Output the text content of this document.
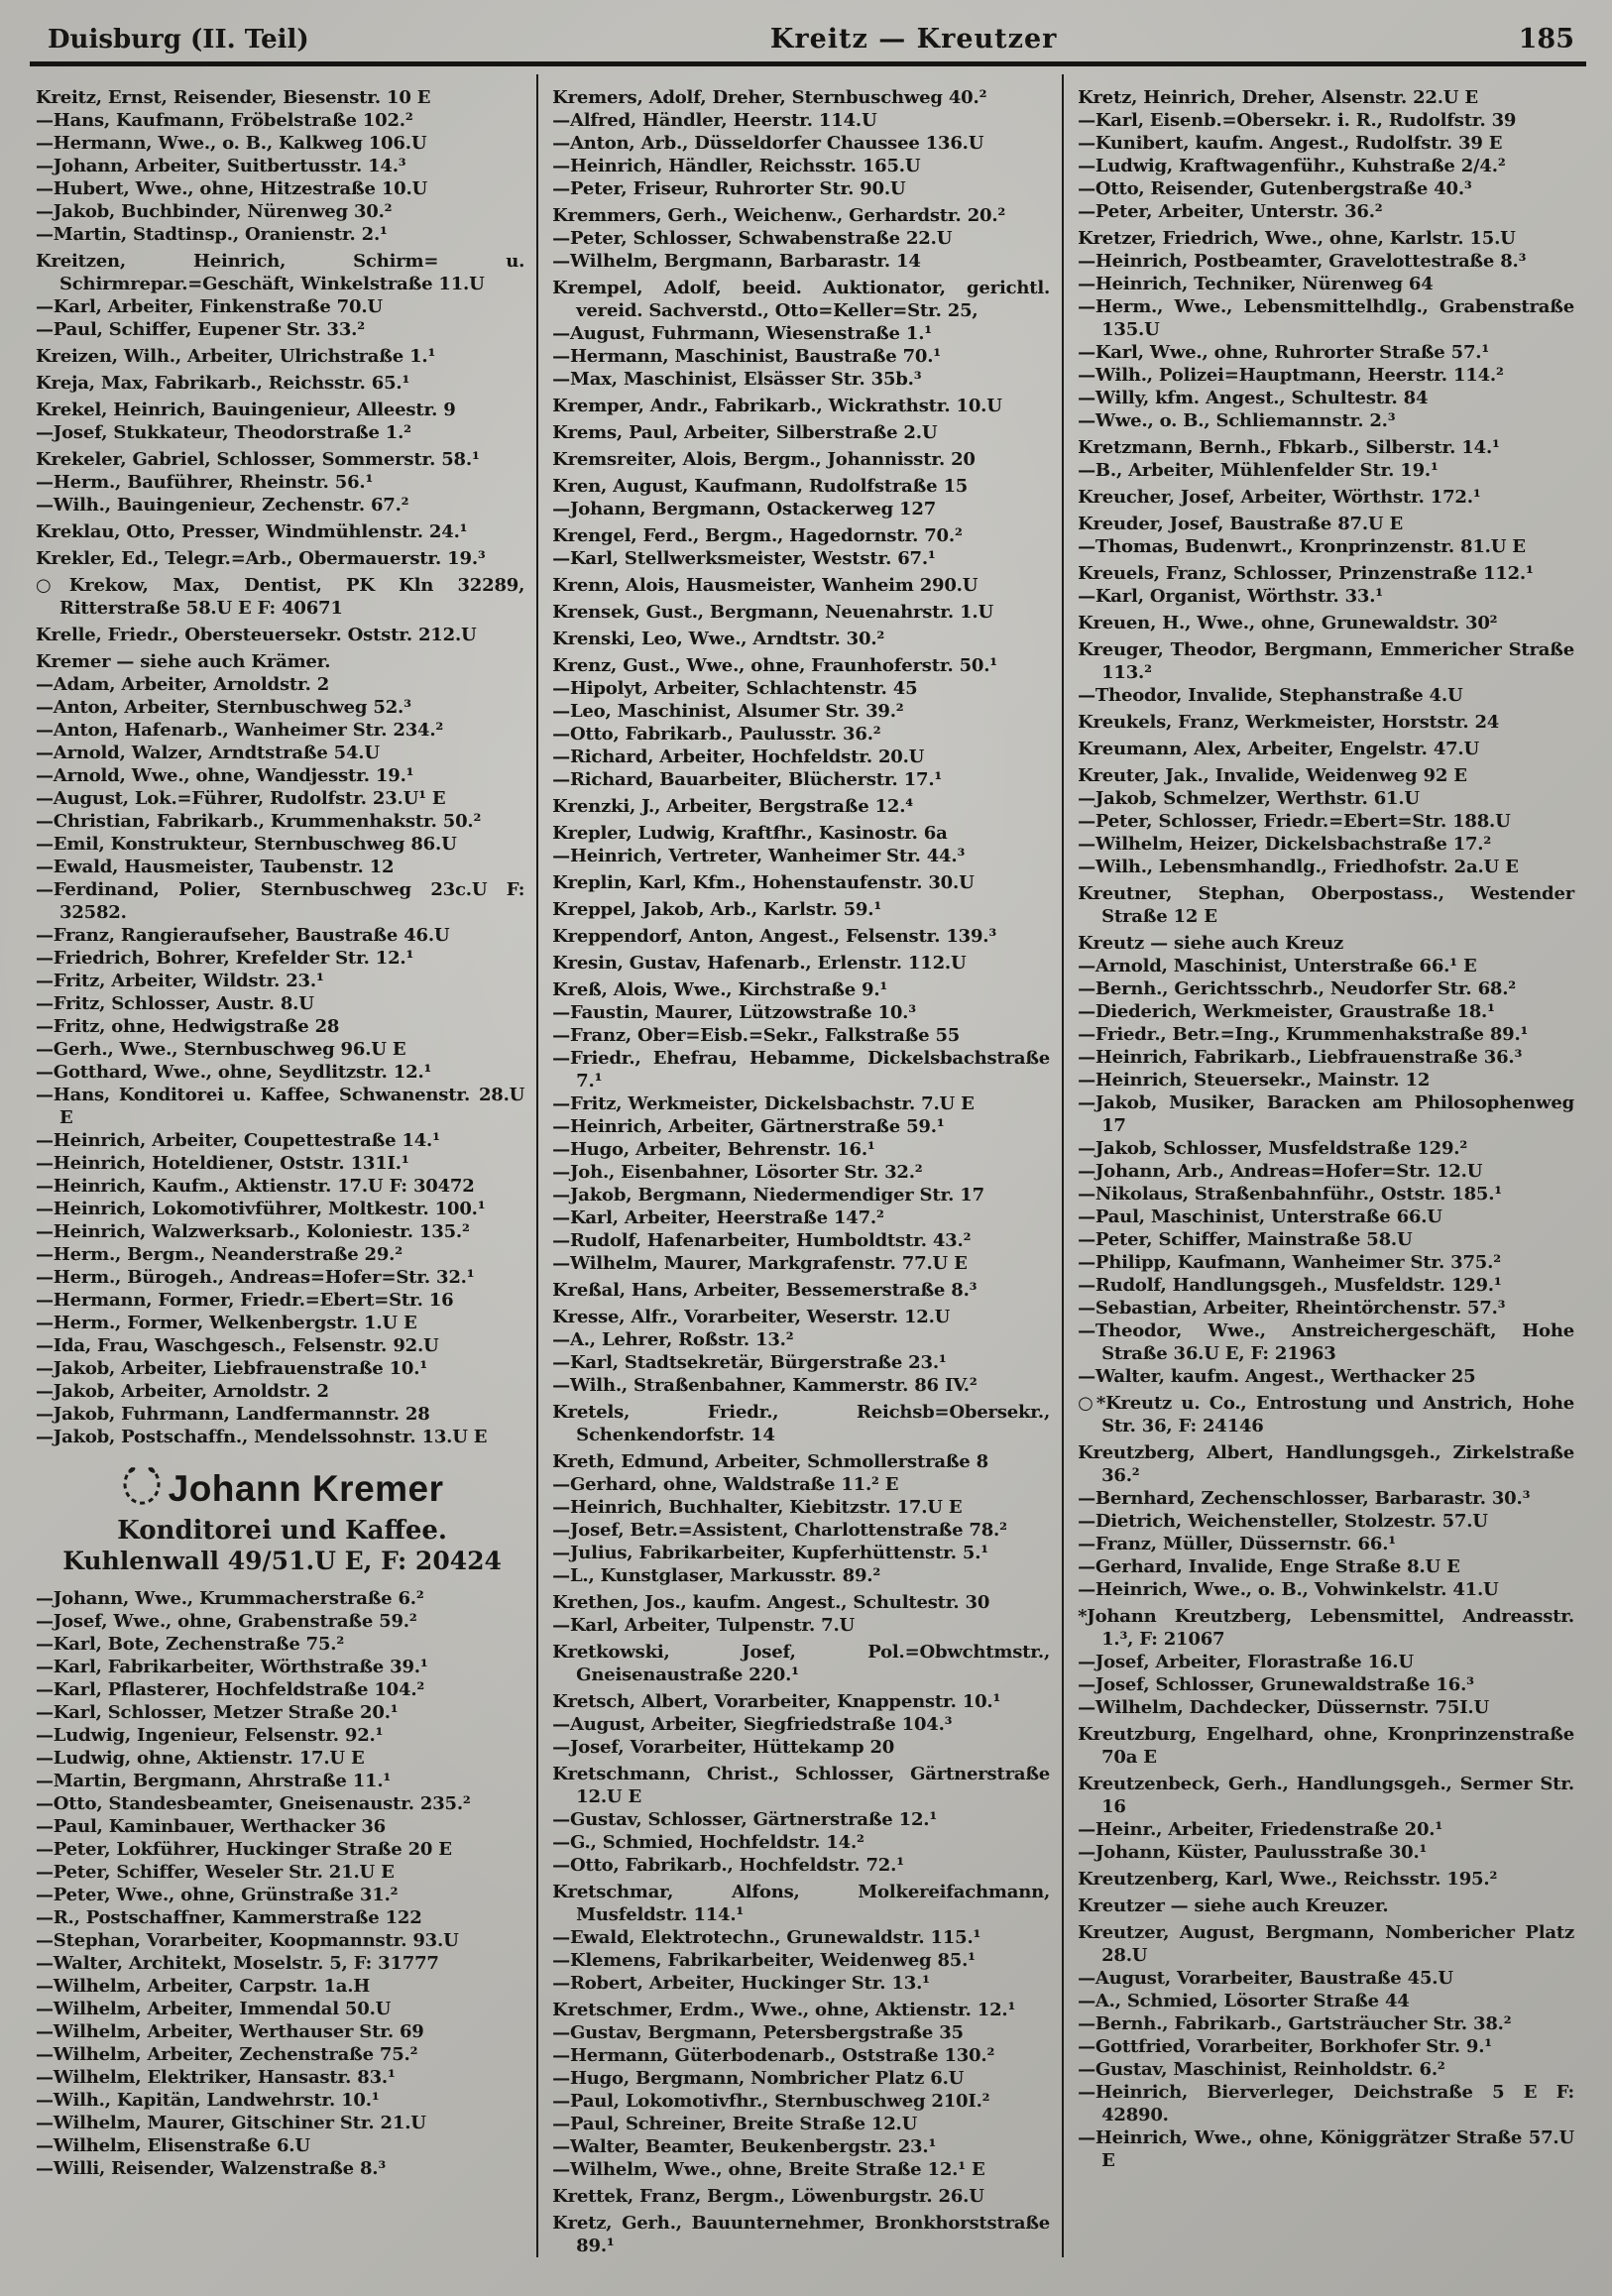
Duisburg (II. Teil)	Kreitz — Kreutzer	185
Kreitz, Ernst, Reisender, Biesenstr. 10 E
—Hans, Kaufmann, Fröbelstraße 102.²
—Hermann, Wwe., o. B., Kalkweg 106.U
—Johann, Arbeiter, Suitbertusstr. 14.³
—Hubert, Wwe., ohne, Hitzestraße 10.U
—Jakob, Buchbinder, Nürenweg 30.²
—Martin, Stadtinsp., Oranienstr. 2.¹
Kreitzen, Heinrich, Schirm= u. Schirmrepar.=Geschäft, Winkelstraße 11.U
—Karl, Arbeiter, Finkenstraße 70.U
—Paul, Schiffer, Eupener Str. 33.²
Kreizen, Wilh., Arbeiter, Ulrichstraße 1.¹
Kreja, Max, Fabrikarb., Reichsstr. 65.¹
Krekel, Heinrich, Bauingenieur, Alleestr. 9
—Josef, Stukkateur, Theodorstraße 1.²
Krekeler, Gabriel, Schlosser, Sommerstr. 58.¹
—Herm., Bauführer, Rheinstr. 56.¹
—Wilh., Bauingenieur, Zechenstr. 67.²
Kreklau, Otto, Presser, Windmühlenstr. 24.¹
Krekler, Ed., Telegr.=Arb., Obermauerstr. 19.³
○Krekow, Max, Dentist, PK Kln 32289, Ritterstraße 58.U E F: 40671
Krelle, Friedr., Obersteuersekr. Oststr. 212.U
Kremer — siehe auch Krämer.
—Adam, Arbeiter, Arnoldstr. 2
—Anton, Arbeiter, Sternbuschweg 52.³
—Anton, Hafenarb., Wanheimer Str. 234.²
—Arnold, Walzer, Arndtstraße 54.U
—Arnold, Wwe., ohne, Wandjesstr. 19.¹
—August, Lok.=Führer, Rudolfstr. 23.U¹ E
—Christian, Fabrikarb., Krummenhakstr. 50.²
—Emil, Konstrukteur, Sternbuschweg 86.U
—Ewald, Hausmeister, Taubenstr. 12
—Ferdinand, Polier, Sternbuschweg 23c.U F: 32582.
—Franz, Rangieraufseher, Baustraße 46.U
—Friedrich, Bohrer, Krefelder Str. 12.¹
—Fritz, Arbeiter, Wildstr. 23.¹
—Fritz, Schlosser, Austr. 8.U
—Fritz, ohne, Hedwigstraße 28
—Gerh., Wwe., Sternbuschweg 96.U E
—Gotthard, Wwe., ohne, Seydlitzstr. 12.¹
—Hans, Konditorei u. Kaffee, Schwanenstr. 28.U E
—Heinrich, Arbeiter, Coupettestraße 14.¹
—Heinrich, Hoteldiener, Oststr. 131I.¹
—Heinrich, Kaufm., Aktienstr. 17.U F: 30472
—Heinrich, Lokomotivführer, Moltkestr. 100.¹
—Heinrich, Walzwerksarb., Koloniestr. 135.²
—Herm., Bergm., Neanderstraße 29.²
—Herm., Bürogeh., Andreas=Hofer=Str. 32.¹
—Hermann, Former, Friedr.=Ebert=Str. 16
—Herm., Former, Welkenbergstr. 1.U E
—Ida, Frau, Waschgesch., Felsenstr. 92.U
—Jakob, Arbeiter, Liebfrauenstraße 10.¹
—Jakob, Arbeiter, Arnoldstr. 2
—Jakob, Fuhrmann, Landfermannstr. 28
—Jakob, Postschaffn., Mendelssohnstr. 13.U E
Johann Kremer
Konditorei und Kaffee.
Kuhlenwall 49/51.U E, F: 20424
—Johann, Wwe., Krummacherstraße 6.²
—Josef, Wwe., ohne, Grabenstraße 59.²
—Karl, Bote, Zechenstraße 75.²
—Karl, Fabrikarbeiter, Wörthstraße 39.¹
—Karl, Pflasterer, Hochfeldstraße 104.²
—Karl, Schlosser, Metzer Straße 20.¹
—Ludwig, Ingenieur, Felsenstr. 92.¹
—Ludwig, ohne, Aktienstr. 17.U E
—Martin, Bergmann, Ahrstraße 11.¹
—Otto, Standesbeamter, Gneisenaustr. 235.²
—Paul, Kaminbauer, Werthacker 36
—Peter, Lokführer, Huckinger Straße 20 E
—Peter, Schiffer, Weseler Str. 21.U E
—Peter, Wwe., ohne, Grünstraße 31.²
—R., Postschaffner, Kammerstraße 122
—Stephan, Vorarbeiter, Koopmannstr. 93.U
—Walter, Architekt, Moselstr. 5, F: 31777
—Wilhelm, Arbeiter, Carpstr. 1a.H
—Wilhelm, Arbeiter, Immendal 50.U
—Wilhelm, Arbeiter, Werthauser Str. 69
—Wilhelm, Arbeiter, Zechenstraße 75.²
—Wilhelm, Elektriker, Hansastr. 83.¹
—Wilh., Kapitän, Landwehrstr. 10.¹
—Wilhelm, Maurer, Gitschiner Str. 21.U
—Wilhelm, Elisenstraße 6.U
—Willi, Reisender, Walzenstraße 8.³
Kremers, Adolf, Dreher, Sternbuschweg 40.²
—Alfred, Händler, Heerstr. 114.U
—Anton, Arb., Düsseldorfer Chaussee 136.U
—Heinrich, Händler, Reichsstr. 165.U
—Peter, Friseur, Ruhrorter Str. 90.U
Kremmers, Gerh., Weichenw., Gerhardstr. 20.²
—Peter, Schlosser, Schwabenstraße 22.U
—Wilhelm, Bergmann, Barbarastr. 14
Krempel, Adolf, beeid. Auktionator, gerichtl. vereid. Sachverstd., Otto=Keller=Str. 25,
—August, Fuhrmann, Wiesenstraße 1.¹
—Hermann, Maschinist, Baustraße 70.¹
—Max, Maschinist, Elsässer Str. 35b.³
Kremper, Andr., Fabrikarb., Wickrathstr. 10.U
Krems, Paul, Arbeiter, Silberstraße 2.U
Kremsreiter, Alois, Bergm., Johannisstr. 20
Kren, August, Kaufmann, Rudolfstraße 15
—Johann, Bergmann, Ostackerweg 127
Krengel, Ferd., Bergm., Hagedornstr. 70.²
—Karl, Stellwerksmeister, Weststr. 67.¹
Krenn, Alois, Hausmeister, Wanheim 290.U
Krensek, Gust., Bergmann, Neuenahrstr. 1.U
Krenski, Leo, Wwe., Arndtstr. 30.²
Krenz, Gust., Wwe., ohne, Fraunhoferstr. 50.¹
—Hipolyt, Arbeiter, Schlachtenstr. 45
—Leo, Maschinist, Alsumer Str. 39.²
—Otto, Fabrikarb., Paulusstr. 36.²
—Richard, Arbeiter, Hochfeldstr. 20.U
—Richard, Bauarbeiter, Blücherstr. 17.¹
Krenzki, J., Arbeiter, Bergstraße 12.⁴
Krepler, Ludwig, Kraftfhr., Kasinostr. 6a
—Heinrich, Vertreter, Wanheimer Str. 44.³
Kreplin, Karl, Kfm., Hohenstaufenstr. 30.U
Kreppel, Jakob, Arb., Karlstr. 59.¹
Kreppendorf, Anton, Angest., Felsenstr. 139.³
Kresin, Gustav, Hafenarb., Erlenstr. 112.U
Kreß, Alois, Wwe., Kirchstraße 9.¹
—Faustin, Maurer, Lützowstraße 10.³
—Franz, Ober=Eisb.=Sekr., Falkstraße 55
—Friedr., Ehefrau, Hebamme, Dickelsbachstraße 7.¹
—Fritz, Werkmeister, Dickelsbachstr. 7.U E
—Heinrich, Arbeiter, Gärtnerstraße 59.¹
—Hugo, Arbeiter, Behrenstr. 16.¹
—Joh., Eisenbahner, Lösorter Str. 32.²
—Jakob, Bergmann, Niedermendiger Str. 17
—Karl, Arbeiter, Heerstraße 147.²
—Rudolf, Hafenarbeiter, Humboldtstr. 43.²
—Wilhelm, Maurer, Markgrafenstr. 77.U E
Kreßal, Hans, Arbeiter, Bessemerstraße 8.³
Kresse, Alfr., Vorarbeiter, Weserstr. 12.U
—A., Lehrer, Roßstr. 13.²
—Karl, Stadtsekretär, Bürgerstraße 23.¹
—Wilh., Straßenbahner, Kammerstr. 86 IV.²
Kretels, Friedr., Reichsb=Obersekr., Schenkendorfstr. 14
Kreth, Edmund, Arbeiter, Schmollerstraße 8
—Gerhard, ohne, Waldstraße 11.² E
—Heinrich, Buchhalter, Kiebitzstr. 17.U E
—Josef, Betr.=Assistent, Charlottenstraße 78.²
—Julius, Fabrikarbeiter, Kupferhüttenstr. 5.¹
—L., Kunstglaser, Markusstr. 89.²
Krethen, Jos., kaufm. Angest., Schultestr. 30
—Karl, Arbeiter, Tulpenstr. 7.U
Kretkowski, Josef, Pol.=Obwchtmstr., Gneisenaustraße 220.¹
Kretsch, Albert, Vorarbeiter, Knappenstr. 10.¹
—August, Arbeiter, Siegfriedstraße 104.³
—Josef, Vorarbeiter, Hüttekamp 20
Kretschmann, Christ., Schlosser, Gärtnerstraße 12.U E
—Gustav, Schlosser, Gärtnerstraße 12.¹
—G., Schmied, Hochfeldstr. 14.²
—Otto, Fabrikarb., Hochfeldstr. 72.¹
Kretschmar, Alfons, Molkereifachmann, Musfeldstr. 114.¹
—Ewald, Elektrotechn., Grunewaldstr. 115.¹
—Klemens, Fabrikarbeiter, Weidenweg 85.¹
—Robert, Arbeiter, Huckinger Str. 13.¹
Kretschmer, Erdm., Wwe., ohne, Aktienstr. 12.¹
—Gustav, Bergmann, Petersbergstraße 35
—Hermann, Güterbodenarb., Oststraße 130.²
—Hugo, Bergmann, Nombricher Platz 6.U
—Paul, Lokomotivfhr., Sternbuschweg 210I.²
—Paul, Schreiner, Breite Straße 12.U
—Walter, Beamter, Beukenbergstr. 23.¹
—Wilhelm, Wwe., ohne, Breite Straße 12.¹ E
Krettek, Franz, Bergm., Löwenburgstr. 26.U
Kretz, Gerh., Bauunternehmer, Bronkhorststraße 89.¹
Kretz, Heinrich, Dreher, Alsenstr. 22.U E
—Karl, Eisenb.=Obersekr. i. R., Rudolfstr. 39
—Kunibert, kaufm. Angest., Rudolfstr. 39 E
—Ludwig, Kraftwagenführ., Kuhstraße 2/4.²
—Otto, Reisender, Gutenbergstraße 40.³
—Peter, Arbeiter, Unterstr. 36.²
Kretzer, Friedrich, Wwe., ohne, Karlstr. 15.U
—Heinrich, Postbeamter, Gravelottestraße 8.³
—Heinrich, Techniker, Nürenweg 64
—Herm., Wwe., Lebensmittelhdlg., Grabenstraße 135.U
—Karl, Wwe., ohne, Ruhrorter Straße 57.¹
—Wilh., Polizei=Hauptmann, Heerstr. 114.²
—Willy, kfm. Angest., Schultestr. 84
—Wwe., o. B., Schliemannstr. 2.³
Kretzmann, Bernh., Fbkarb., Silberstr. 14.¹
—B., Arbeiter, Mühlenfelder Str. 19.¹
Kreucher, Josef, Arbeiter, Wörthstr. 172.¹
Kreuder, Josef, Baustraße 87.U E
—Thomas, Budenwrt., Kronprinzenstr. 81.U E
Kreuels, Franz, Schlosser, Prinzenstraße 112.¹
—Karl, Organist, Wörthstr. 33.¹
Kreuen, H., Wwe., ohne, Grunewaldstr. 30²
Kreuger, Theodor, Bergmann, Emmericher Straße 113.²
—Theodor, Invalide, Stephanstraße 4.U
Kreukels, Franz, Werkmeister, Horststr. 24
Kreumann, Alex, Arbeiter, Engelstr. 47.U
Kreuter, Jak., Invalide, Weidenweg 92 E
—Jakob, Schmelzer, Werthstr. 61.U
—Peter, Schlosser, Friedr.=Ebert=Str. 188.U
—Wilhelm, Heizer, Dickelsbachstraße 17.²
—Wilh., Lebensmhandlg., Friedhofstr. 2a.U E
Kreutner, Stephan, Oberpostass., Westender Straße 12 E
Kreutz — siehe auch Kreuz
—Arnold, Maschinist, Unterstraße 66.¹ E
—Bernh., Gerichtsschrb., Neudorfer Str. 68.²
—Diederich, Werkmeister, Graustraße 18.¹
—Friedr., Betr.=Ing., Krummenhakstraße 89.¹
—Heinrich, Fabrikarb., Liebfrauenstraße 36.³
—Heinrich, Steuersekr., Mainstr. 12
—Jakob, Musiker, Baracken am Philosophenweg 17
—Jakob, Schlosser, Musfeldstraße 129.²
—Johann, Arb., Andreas=Hofer=Str. 12.U
—Nikolaus, Straßenbahnführ., Oststr. 185.¹
—Paul, Maschinist, Unterstraße 66.U
—Peter, Schiffer, Mainstraße 58.U
—Philipp, Kaufmann, Wanheimer Str. 375.²
—Rudolf, Handlungsgeh., Musfeldstr. 129.¹
—Sebastian, Arbeiter, Rheintörchenstr. 57.³
—Theodor, Wwe., Anstreichergeschäft, Hohe Straße 36.U E, F: 21963
—Walter, kaufm. Angest., Werthacker 25
○*Kreutz u. Co., Entrostung und Anstrich, Hohe Str. 36, F: 24146
Kreutzberg, Albert, Handlungsgeh., Zirkelstraße 36.²
—Bernhard, Zechenschlosser, Barbarastr. 30.³
—Dietrich, Weichensteller, Stolzestr. 57.U
—Franz, Müller, Düssernstr. 66.¹
—Gerhard, Invalide, Enge Straße 8.U E
—Heinrich, Wwe., o. B., Vohwinkelstr. 41.U
*Johann Kreutzberg, Lebensmittel, Andreasstr. 1.³, F: 21067
—Josef, Arbeiter, Florastraße 16.U
—Josef, Schlosser, Grunewaldstraße 16.³
—Wilhelm, Dachdecker, Düssernstr. 75I.U
Kreutzburg, Engelhard, ohne, Kronprinzenstraße 70a E
Kreutzenbeck, Gerh., Handlungsgeh., Sermer Str. 16
—Heinr., Arbeiter, Friedenstraße 20.¹
—Johann, Küster, Paulusstraße 30.¹
Kreutzenberg, Karl, Wwe., Reichsstr. 195.²
Kreutzer — siehe auch Kreuzer.
Kreutzer, August, Bergmann, Nombericher Platz 28.U
—August, Vorarbeiter, Baustraße 45.U
—A., Schmied, Lösorter Straße 44
—Bernh., Fabrikarb., Gartsträucher Str. 38.²
—Gottfried, Vorarbeiter, Borkhofer Str. 9.¹
—Gustav, Maschinist, Reinholdstr. 6.²
—Heinrich, Bierverleger, Deichstraße 5 E F: 42890.
—Heinrich, Wwe., ohne, Königgrätzer Straße 57.U E
